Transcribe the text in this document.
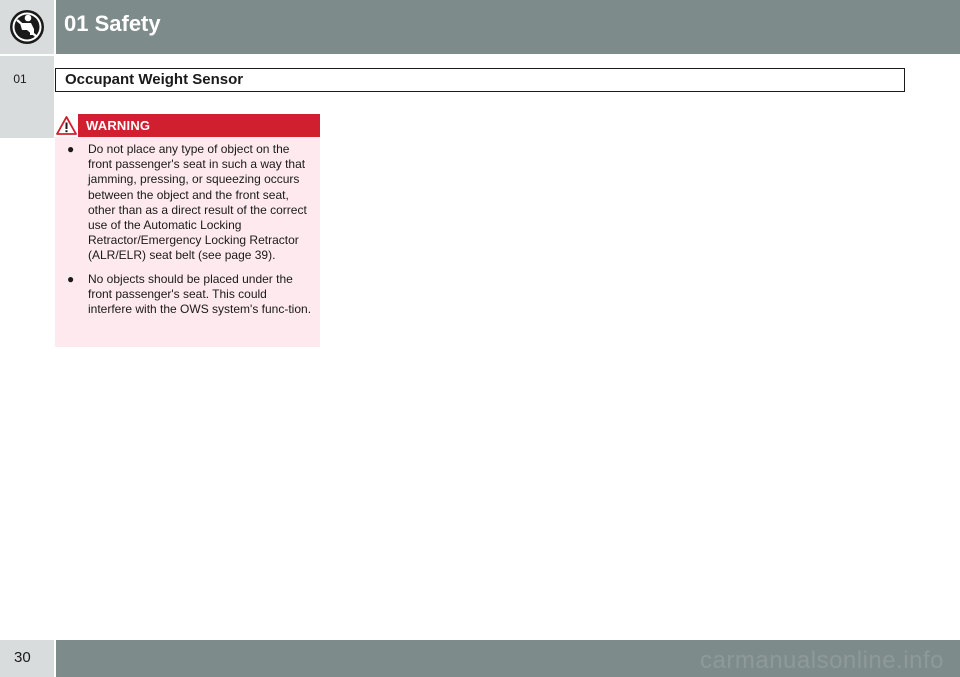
01 Safety
01	Occupant Weight Sensor
WARNING
● Do not place any type of object on the front passenger's seat in such a way that jamming, pressing, or squeezing occurs between the object and the front seat, other than as a direct result of the correct use of the Automatic Locking Retractor/Emergency Locking Retractor (ALR/ELR) seat belt (see page 39).
● No objects should be placed under the front passenger's seat. This could interfere with the OWS system's func-tion.
30	carmanualsonline.info
